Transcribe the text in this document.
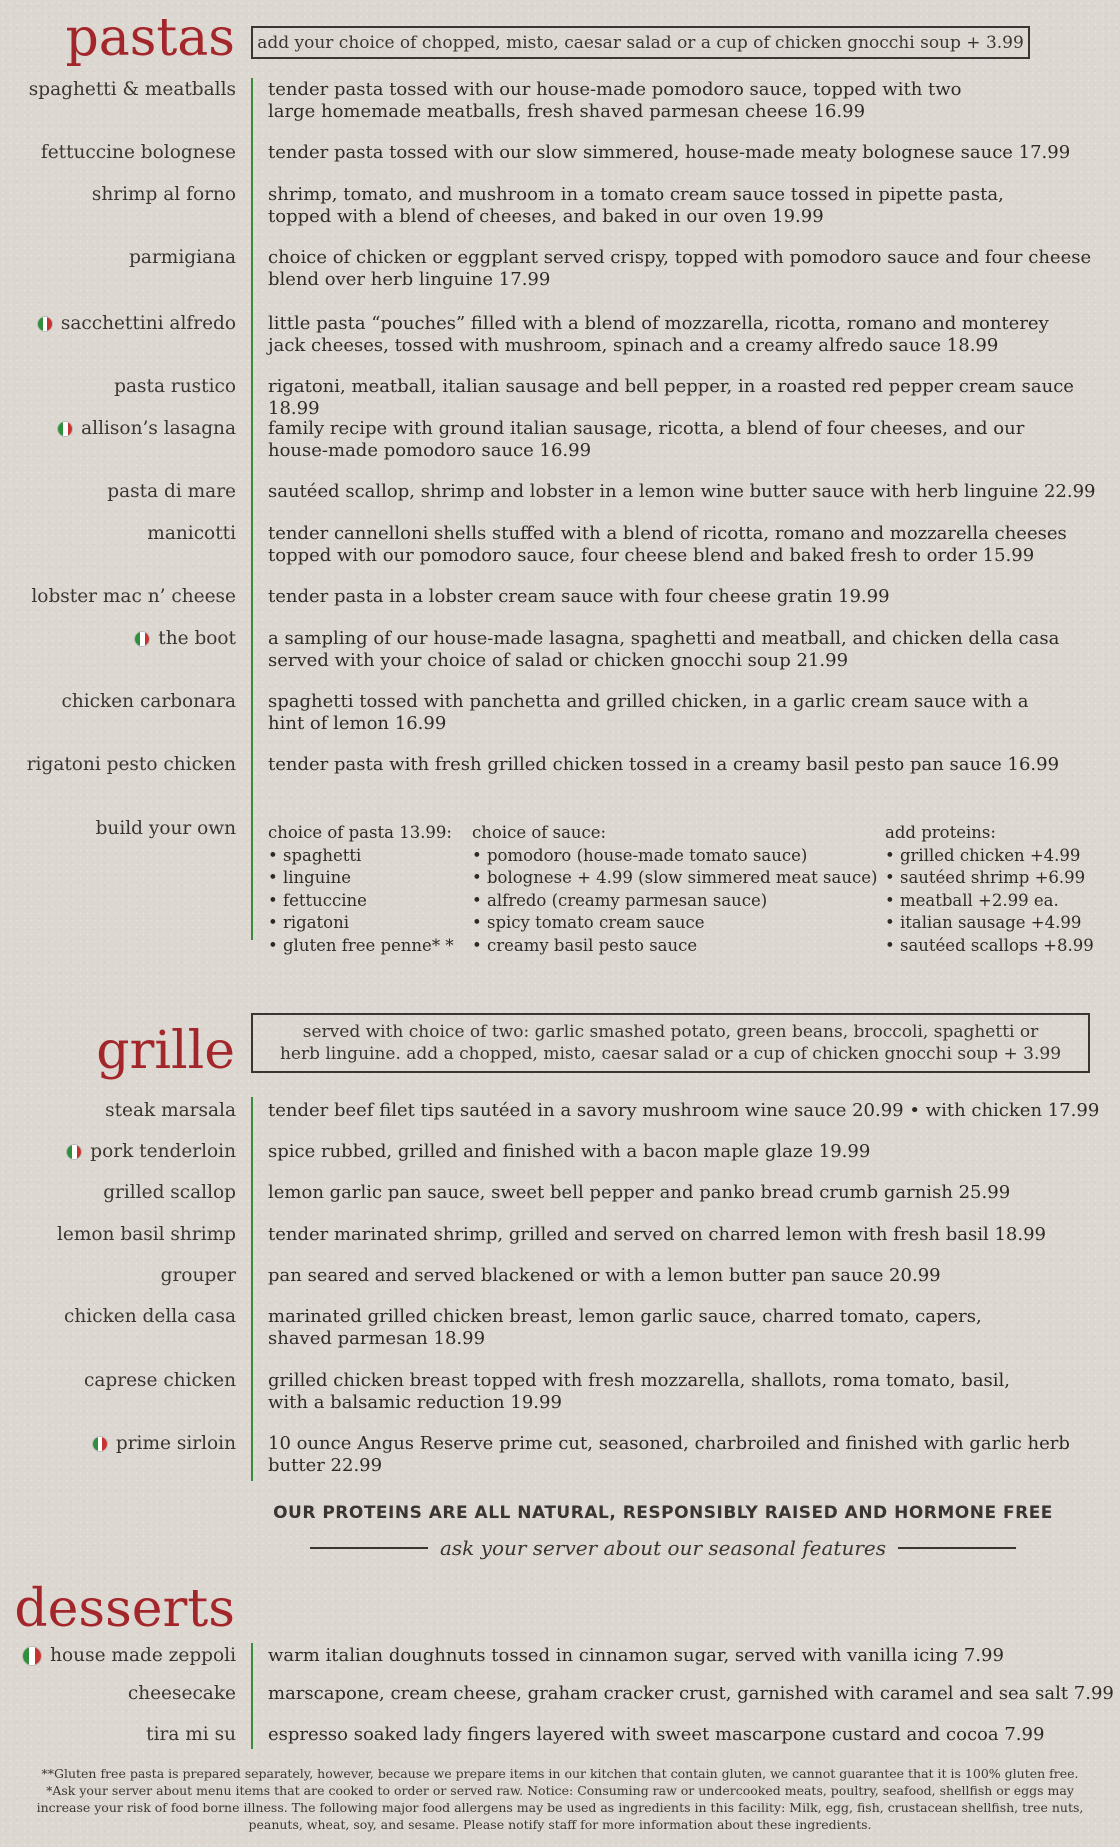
pastas add your choice of chopped, misto, caesar salad or a cup of chicken gnocchi soup + 3.99
spaghetti & meatballs tender pasta tossed with our house-made pomodoro sauce, topped with two
large homemade meatballs, fresh shaved parmesan cheese 16.99
fettuccine bolognese tender pasta tossed with our slow simmered, house-made meaty bolognese sauce 17.99
shrimp al forno shrimp, tomato, and mushroom in a tomato cream sauce tossed in pipette pasta,
topped with a blend of cheeses, and baked in our oven 19.99
parmigiana choice of chicken or eggplant served crispy, topped with pomodoro sauce and four cheese
blend over herb linguine 17.99
sacchettini alfredo little pasta “pouches” filled with a blend of mozzarella, ricotta, romano and monterey
jack cheeses, tossed with mushroom, spinach and a creamy alfredo sauce 18.99
pasta rustico rigatoni, meatball, italian sausage and bell pepper, in a roasted red pepper cream sauce 18.99
allison’s lasagna family recipe with ground italian sausage, ricotta, a blend of four cheeses, and our
house-made pomodoro sauce 16.99
pasta di mare sautéed scallop, shrimp and lobster in a lemon wine butter sauce with herb linguine 22.99
manicotti tender cannelloni shells stuffed with a blend of ricotta, romano and mozzarella cheeses
topped with our pomodoro sauce, four cheese blend and baked fresh to order 15.99
lobster mac n’ cheese tender pasta in a lobster cream sauce with four cheese gratin 19.99
the boot a sampling of our house-made lasagna, spaghetti and meatball, and chicken della casa
served with your choice of salad or chicken gnocchi soup 21.99
chicken carbonara spaghetti tossed with panchetta and grilled chicken, in a garlic cream sauce with a
hint of lemon 16.99
rigatoni pesto chicken tender pasta with fresh grilled chicken tossed in a creamy basil pesto pan sauce 16.99
build your own choice of pasta 13.99:
• spaghetti
• linguine
• fettuccine
• rigatoni
• gluten free penne* *
choice of sauce:
• pomodoro (house-made tomato sauce)
• bolognese + 4.99 (slow simmered meat sauce)
• alfredo (creamy parmesan sauce)
• spicy tomato cream sauce
• creamy basil pesto sauce
add proteins:
• grilled chicken +4.99
• sautéed shrimp +6.99
• meatball +2.99 ea.
• italian sausage +4.99
• sautéed scallops +8.99
grille	served with choice of two: garlic smashed potato, green beans, broccoli, spaghetti or
herb linguine. add a chopped, misto, caesar salad or a cup of chicken gnocchi soup + 3.99
steak marsala tender beef filet tips sautéed in a savory mushroom wine sauce 20.99 • with chicken 17.99
pork tenderloin spice rubbed, grilled and finished with a bacon maple glaze 19.99
grilled scallop lemon garlic pan sauce, sweet bell pepper and panko bread crumb garnish 25.99
lemon basil shrimp tender marinated shrimp, grilled and served on charred lemon with fresh basil 18.99
grouper pan seared and served blackened or with a lemon butter pan sauce 20.99
chicken della casa marinated grilled chicken breast, lemon garlic sauce, charred tomato, capers,
shaved parmesan 18.99
caprese chicken grilled chicken breast topped with fresh mozzarella, shallots, roma tomato, basil,
with a balsamic reduction 19.99
prime sirloin 10 ounce Angus Reserve prime cut, seasoned, charbroiled and finished with garlic herb
butter 22.99
OUR PROTEINS ARE ALL NATURAL, RESPONSIBLY RAISED AND HORMONE FREE
ask your server about our seasonal features
desserts
house made zeppoli warm italian doughnuts tossed in cinnamon sugar, served with vanilla icing 7.99
cheesecake marscapone, cream cheese, graham cracker crust, garnished with caramel and sea salt 7.99
tira mi su espresso soaked lady fingers layered with sweet mascarpone custard and cocoa 7.99
**Gluten free pasta is prepared separately, however, because we prepare items in our kitchen that contain gluten, we cannot guarantee that it is 100% gluten free.
*Ask your server about menu items that are cooked to order or served raw. Notice: Consuming raw or undercooked meats, poultry, seafood, shellfish or eggs may
increase your risk of food borne illness. The following major food allergens may be used as ingredients in this facility: Milk, egg, fish, crustacean shellfish, tree nuts,
peanuts, wheat, soy, and sesame. Please notify staff for more information about these ingredients.
